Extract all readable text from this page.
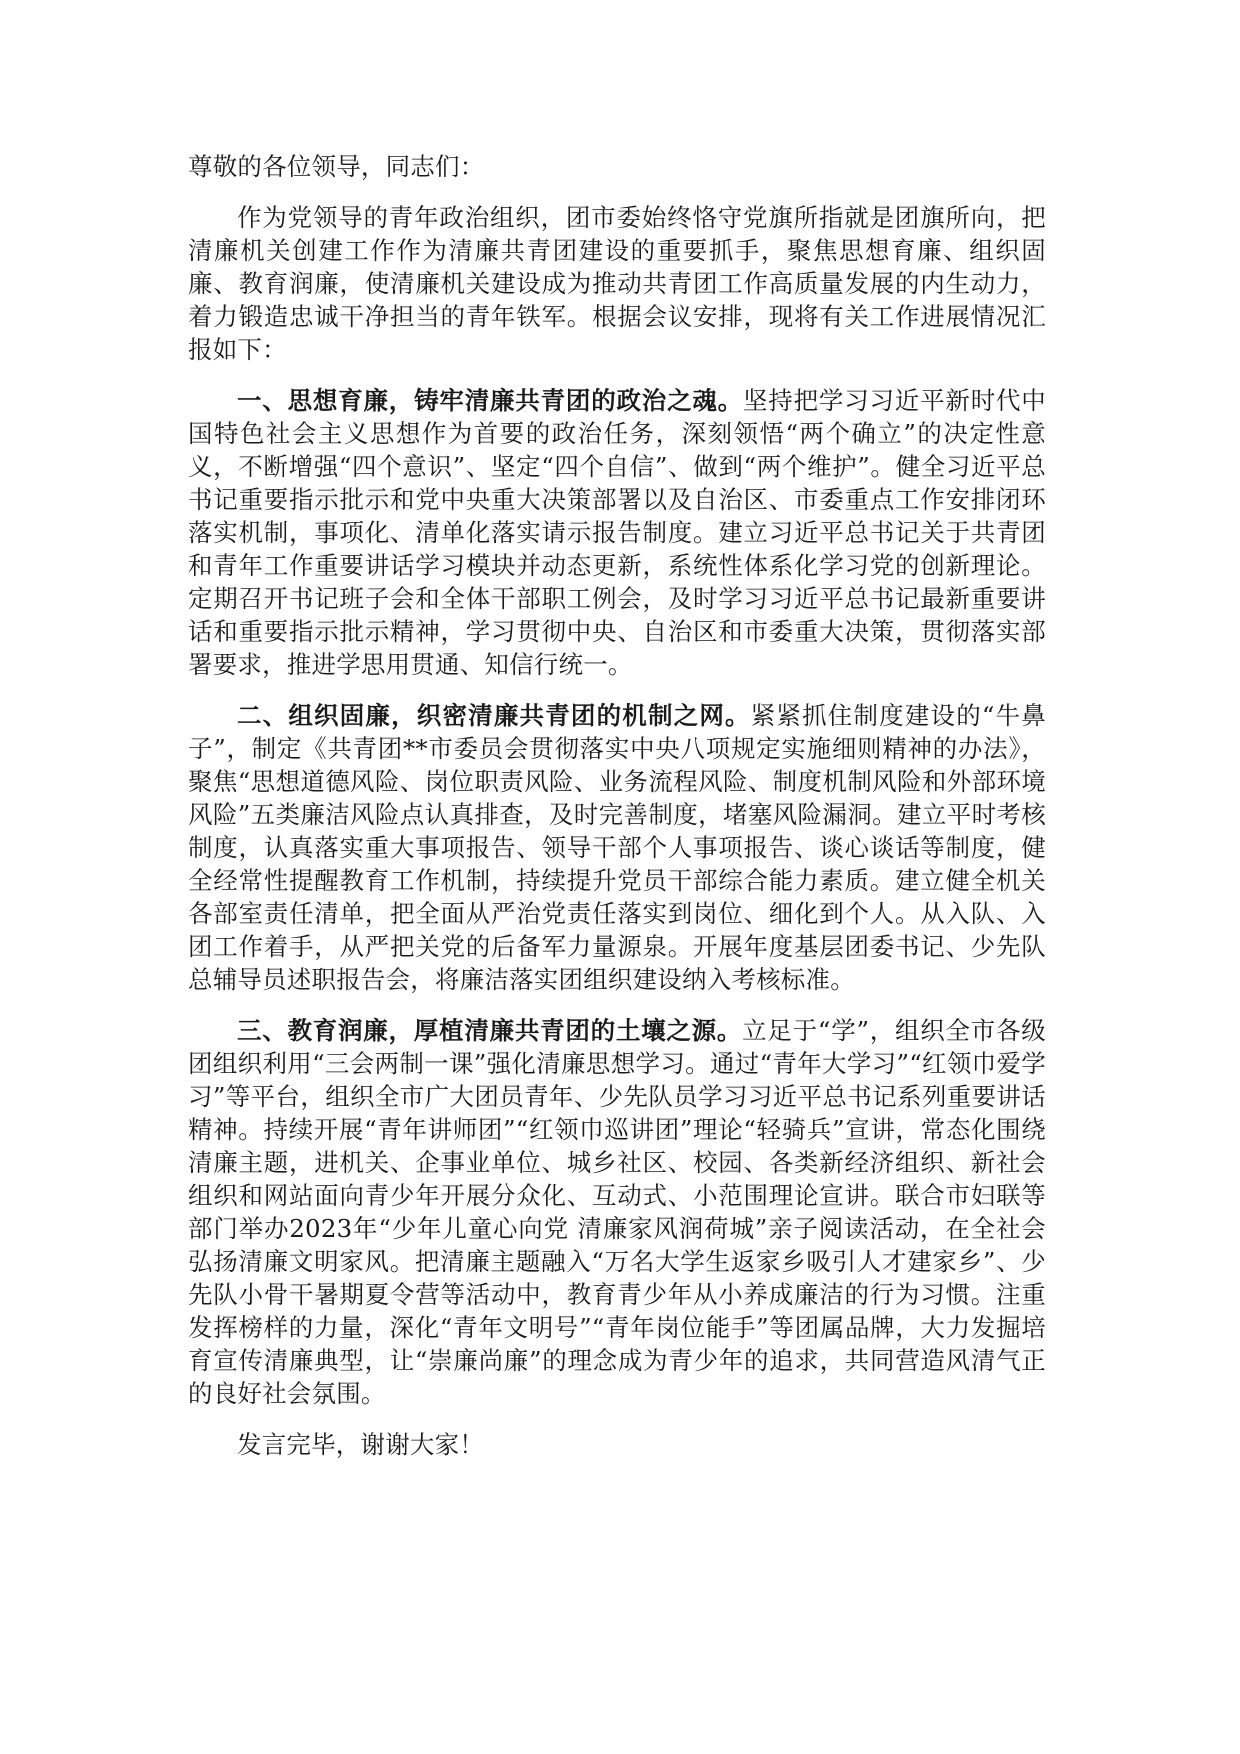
尊敬的各位领导，同志们：

作为党领导的青年政治组织，团市委始终恪守党旗所指就是团旗所向，把清廉机关创建工作作为清廉共青团建设的重要抓手，聚焦思想育廉、组织固廉、教育润廉，使清廉机关建设成为推动共青团工作高质量发展的内生动力，着力锻造忠诚干净担当的青年铁军。根据会议安排，现将有关工作进展情况汇报如下：

一、思想育廉，铸牢清廉共青团的政治之魂。坚持把学习习近平新时代中国特色社会主义思想作为首要的政治任务，深刻领悟“两个确立”的决定性意义，不断增强“四个意识”、坚定“四个自信”、做到“两个维护”。健全习近平总书记重要指示批示和党中央重大决策部署以及自治区、市委重点工作安排闭环落实机制，事项化、清单化落实请示报告制度。建立习近平总书记关于共青团和青年工作重要讲话学习模块并动态更新，系统性体系化学习党的创新理论。定期召开书记班子会和全体干部职工例会，及时学习习近平总书记最新重要讲话和重要指示批示精神，学习贯彻中央、自治区和市委重大决策，贯彻落实部署要求，推进学思用贯通、知信行统一。

二、组织固廉，织密清廉共青团的机制之网。紧紧抓住制度建设的“牛鼻子”，制定《共青团**市委员会贯彻落实中央八项规定实施细则精神的办法》，聚焦“思想道德风险、岗位职责风险、业务流程风险、制度机制风险和外部环境风险”五类廉洁风险点认真排查，及时完善制度，堵塞风险漏洞。建立平时考核制度，认真落实重大事项报告、领导干部个人事项报告、谈心谈话等制度，健全经常性提醒教育工作机制，持续提升党员干部综合能力素质。建立健全机关各部室责任清单，把全面从严治党责任落实到岗位、细化到个人。从入队、入团工作着手，从严把关党的后备军力量源泉。开展年度基层团委书记、少先队总辅导员述职报告会，将廉洁落实团组织建设纳入考核标准。

三、教育润廉，厚植清廉共青团的土壤之源。立足于“学”，组织全市各级团组织利用“三会两制一课”强化清廉思想学习。通过“青年大学习”“红领巾爱学习”等平台，组织全市广大团员青年、少先队员学习习近平总书记系列重要讲话精神。持续开展“青年讲师团”“红领巾巡讲团”理论“轻骑兵”宣讲，常态化围绕清廉主题，进机关、企事业单位、城乡社区、校园、各类新经济组织、新社会组织和网站面向青少年开展分众化、互动式、小范围理论宣讲。联合市妇联等部门举办2023年“少年儿童心向党 清廉家风润荷城”亲子阅读活动，在全社会弘扬清廉文明家风。把清廉主题融入“万名大学生返家乡吸引人才建家乡”、少先队小骨干暑期夏令营等活动中，教育青少年从小养成廉洁的行为习惯。注重发挥榜样的力量，深化“青年文明号”“青年岗位能手”等团属品牌，大力发掘培育宣传清廉典型，让“崇廉尚廉”的理念成为青少年的追求，共同营造风清气正的良好社会氛围。

发言完毕，谢谢大家！
